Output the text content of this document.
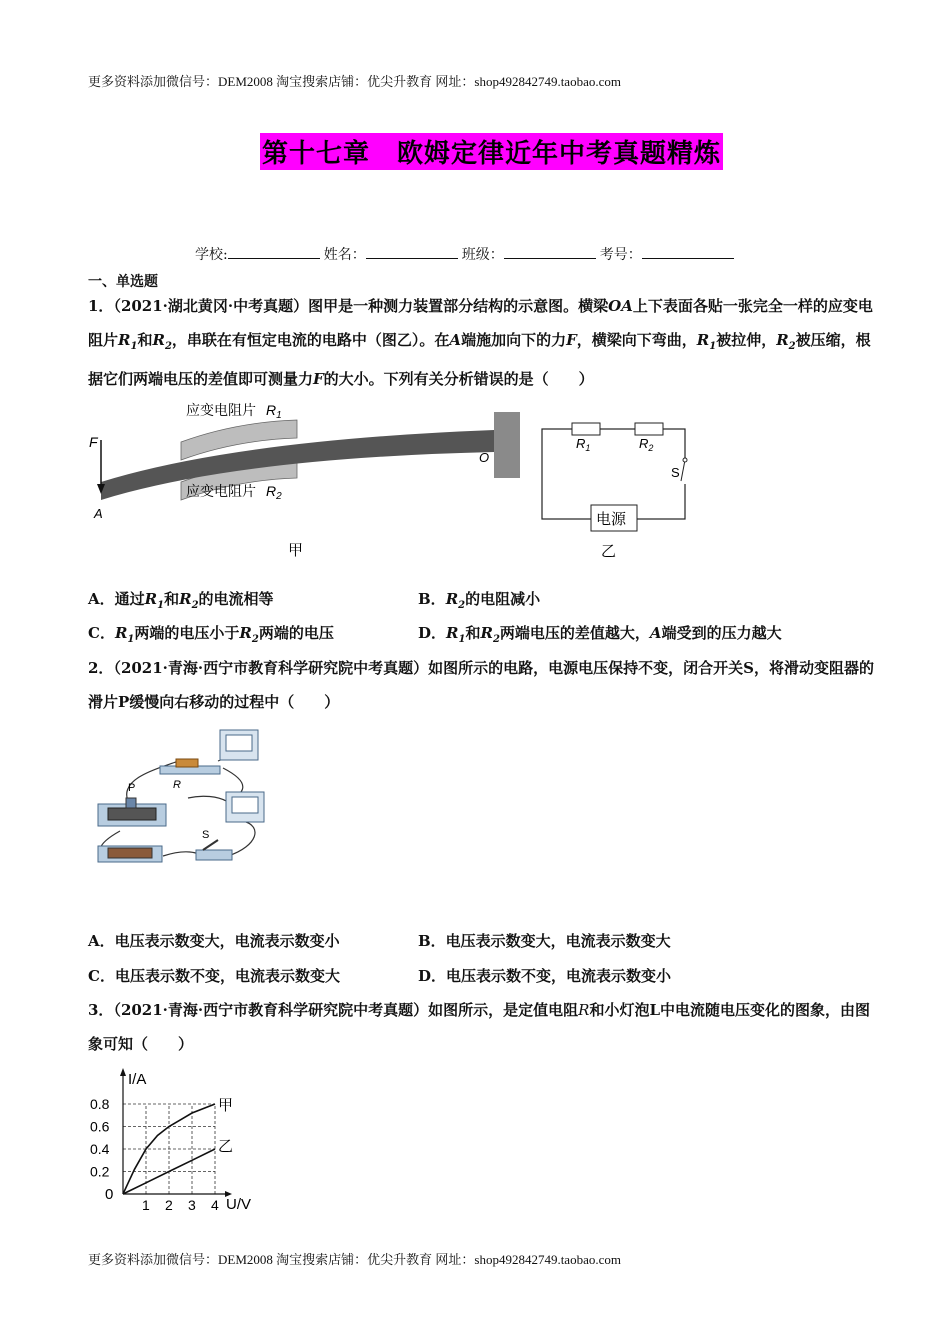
更多资料添加微信号：DEM2008 淘宝搜索店铺：优尖升教育 网址：shop492842749.taobao.com
第十七章　欧姆定律近年中考真题精炼
学校:	姓名：	班级：	考号：
一、单选题
1．（2021·湖北黄冈·中考真题）图甲是一种测力装置部分结构的示意图。横梁OA上下表面各贴一张完全一样的应变电阻片$R_1$和$R_2$，串联在有恒定电流的电路中（图乙）。在A端施加向下的力F，横梁向下弯曲，$R_1$被拉伸，$R_2$被压缩，根据它们两端电压的差值即可测量力F的大小。下列有关分析错误的是（　　）
F
A
O
应变电阻片 $R_1$
应变电阻片 $R_2$
甲
电源
S
$R_1$	$R_2$
乙
A．通过$R_1$和$R_2$的电流相等	B．$R_2$的电阻减小
C．$R_1$两端的电压小于$R_2$两端的电压	D．$R_1$和$R_2$两端电压的差值越大，A端受到的压力越大
2．（2021·青海·西宁市教育科学研究院中考真题）如图所示的电路，电源电压保持不变，闭合开关S，将滑动变阻器的滑片P缓慢向右移动的过程中（　　）
R
P
S
A．电压表示数变大，电流表示数变小	B．电压表示数变大，电流表示数变大
C．电压表示数不变，电流表示数变大	D．电压表示数不变，电流表示数变小
3．（2021·青海·西宁市教育科学研究院中考真题）如图所示，是定值电阻R和小灯泡L中电流随电压变化的图象，由图象可知（　　）
I/A
U/V
0
1 2 3 4
0.2
0.4
0.6
0.8	甲
乙
更多资料添加微信号：DEM2008 淘宝搜索店铺：优尖升教育 网址：shop492842749.taobao.com
